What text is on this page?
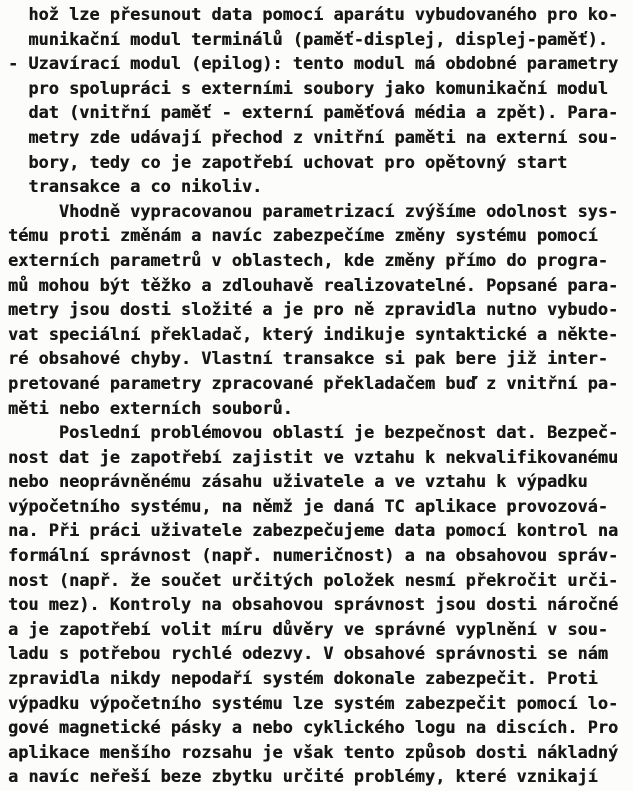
hož lze přesunout data pomocí aparátu vybudovaného pro ko-
munikační modul terminálů (paměť-displej, displej-paměť).
- Uzavírací modul (epilog): tento modul má obdobné parametry
pro spolupráci s externími soubory jako komunikační modul
dat (vnitřní paměť - externí paměťová média a zpět). Para-
metry zde udávají přechod z vnitřní paměti na externí sou-
bory, tedy co je zapotřebí uchovat pro opětovný start
transakce a co nikoliv.
Vhodně vypracovanou parametrizací zvýšíme odolnost sys-
tému proti změnám a navíc zabezpečíme změny systému pomocí
externích parametrů v oblastech, kde změny přímo do progra-
mů mohou být těžko a zdlouhavě realizovatelné. Popsané para-
metry jsou dosti složité a je pro ně zpravidla nutno vybudo-
vat speciální překladač, který indikuje syntaktické a někte-
ré obsahové chyby. Vlastní transakce si pak bere již inter-
pretované parametry zpracované překladačem buď z vnitřní pa-
měti nebo externích souborů.
Poslední problémovou oblastí je bezpečnost dat. Bezpeč-
nost dat je zapotřebí zajistit ve vztahu k nekvalifikovanému
nebo neoprávněnému zásahu uživatele a ve vztahu k výpadku
výpočetního systému, na němž je daná TC aplikace provozová-
na. Při práci uživatele zabezpečujeme data pomocí kontrol na
formální správnost (např. numeričnost) a na obsahovou správ-
nost (např. že součet určitých položek nesmí překročit urči-
tou mez). Kontroly na obsahovou správnost jsou dosti náročné
a je zapotřebí volit míru důvěry ve správné vyplnění v sou-
ladu s potřebou rychlé odezvy. V obsahové správnosti se nám
zpravidla nikdy nepodaří systém dokonale zabezpečit. Proti
výpadku výpočetního systému lze systém zabezpečit pomocí lo-
gové magnetické pásky a nebo cyklického logu na discích. Pro
aplikace menšího rozsahu je však tento způsob dosti nákladný
a navíc neřeší beze zbytku určité problémy, které vznikají
